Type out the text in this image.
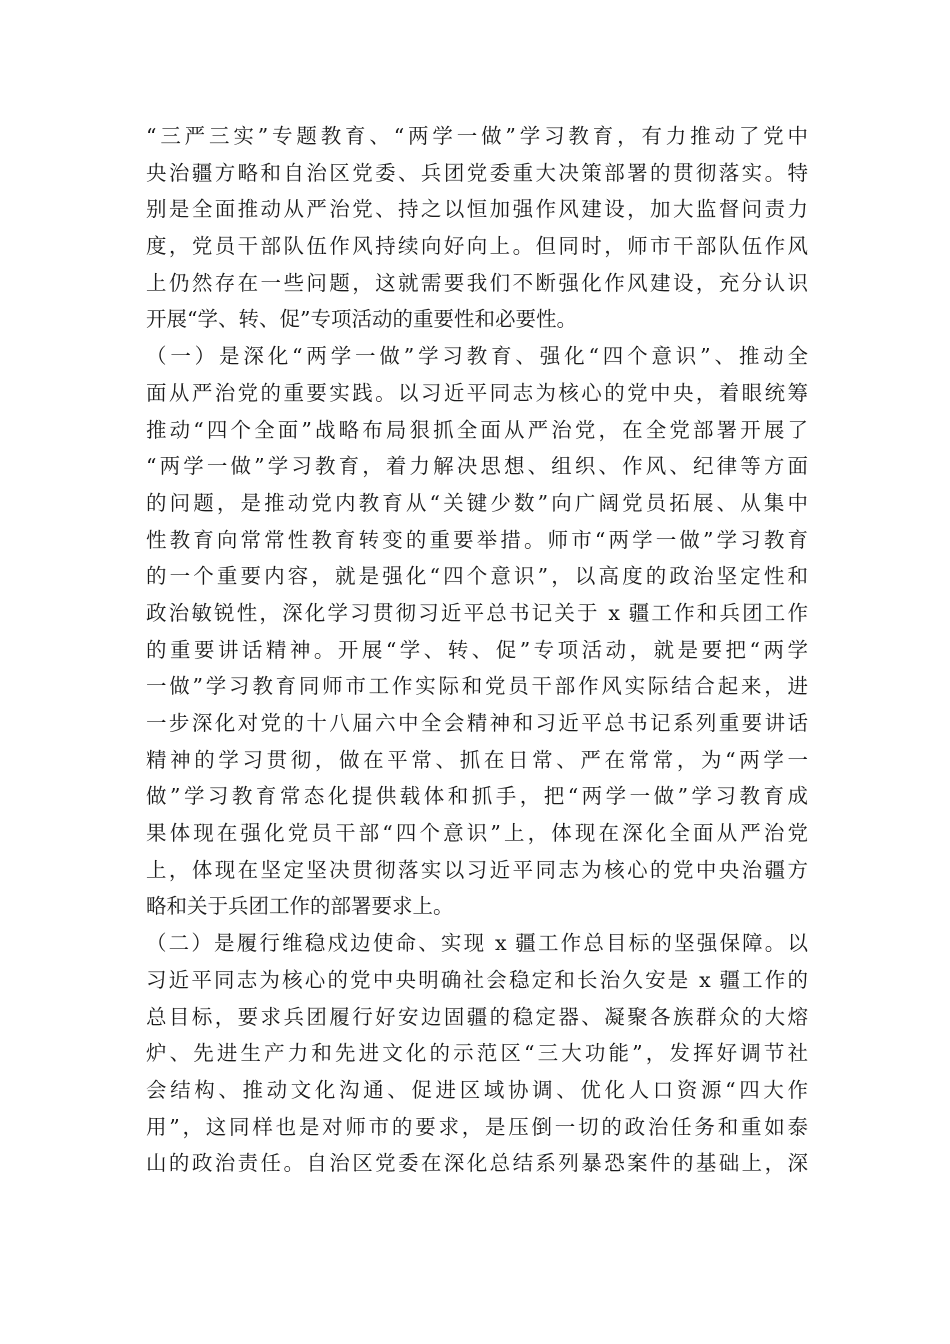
“三严三实”专题教育、“两学一做”学习教育，有力推动了党中
央治疆方略和自治区党委、兵团党委重大决策部署的贯彻落实。特
别是全面推动从严治党、持之以恒加强作风建设，加大监督问责力
度，党员干部队伍作风持续向好向上。但同时，师市干部队伍作风
上仍然存在一些问题，这就需要我们不断强化作风建设，充分认识
开展“学、转、促”专项活动的重要性和必要性。
（一）是深化“两学一做”学习教育、强化“四个意识”、推动全
面从严治党的重要实践。以习近平同志为核心的党中央，着眼统筹
推动“四个全面”战略布局狠抓全面从严治党，在全党部署开展了
“两学一做”学习教育，着力解决思想、组织、作风、纪律等方面
的问题，是推动党内教育从“关键少数”向广阔党员拓展、从集中
性教育向常常性教育转变的重要举措。师市“两学一做”学习教育
的一个重要内容，就是强化“四个意识”，以高度的政治坚定性和
政治敏锐性，深化学习贯彻习近平总书记关于 x 疆工作和兵团工作
的重要讲话精神。开展“学、转、促”专项活动，就是要把“两学
一做”学习教育同师市工作实际和党员干部作风实际结合起来，进
一步深化对党的十八届六中全会精神和习近平总书记系列重要讲话
精神的学习贯彻，做在平常、抓在日常、严在常常，为“两学一
做”学习教育常态化提供载体和抓手，把“两学一做”学习教育成
果体现在强化党员干部“四个意识”上，体现在深化全面从严治党
上，体现在坚定坚决贯彻落实以习近平同志为核心的党中央治疆方
略和关于兵团工作的部署要求上。
（二）是履行维稳戍边使命、实现 x 疆工作总目标的坚强保障。以
习近平同志为核心的党中央明确社会稳定和长治久安是 x 疆工作的
总目标，要求兵团履行好安边固疆的稳定器、凝聚各族群众的大熔
炉、先进生产力和先进文化的示范区“三大功能”，发挥好调节社
会结构、推动文化沟通、促进区域协调、优化人口资源“四大作
用”，这同样也是对师市的要求，是压倒一切的政治任务和重如泰
山的政治责任。自治区党委在深化总结系列暴恐案件的基础上，深
